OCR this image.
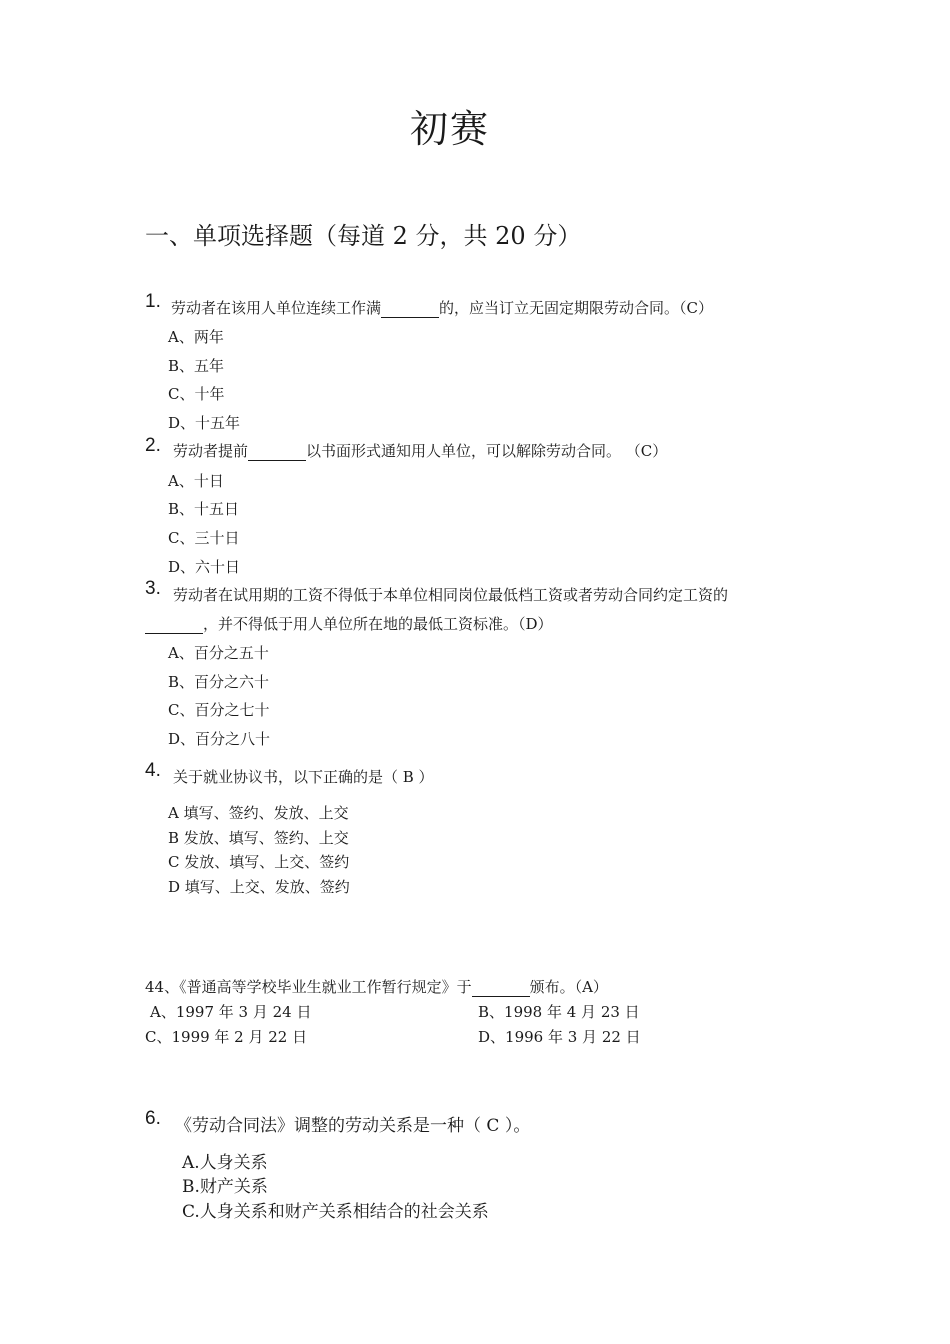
初赛
一、单项选择题（每道 2 分，共 20 分）
1. 劳动者在该用人单位连续工作满	的，应当订立无固定期限劳动合同。（C）
A、两年
B、五年
C、十年
D、十五年
2. 劳动者提前	以书面形式通知用人单位，可以解除劳动合同。 （C）
A、十日
B、十五日
C、三十日
D、六十日
3. 劳动者在试用期的工资不得低于本单位相同岗位最低档工资或者劳动合同约定工资的
，并不得低于用人单位所在地的最低工资标准。（D）
A、百分之五十
B、百分之六十
C、百分之七十
D、百分之八十
4. 关于就业协议书，以下正确的是（ B ）
A 填写、签约、发放、上交
B 发放、填写、签约、上交
C 发放、填写、上交、签约
D 填写、上交、发放、签约
44、《普通高等学校毕业生就业工作暂行规定》于	颁布。（A）
A、1997 年 3 月 24 日	B、1998 年 4 月 23 日
C、1999 年 2 月 22 日	D、1996 年 3 月 22 日
6. 《劳动合同法》调整的劳动关系是一种（ C ）。
A.人身关系
B.财产关系
C.人身关系和财产关系相结合的社会关系
